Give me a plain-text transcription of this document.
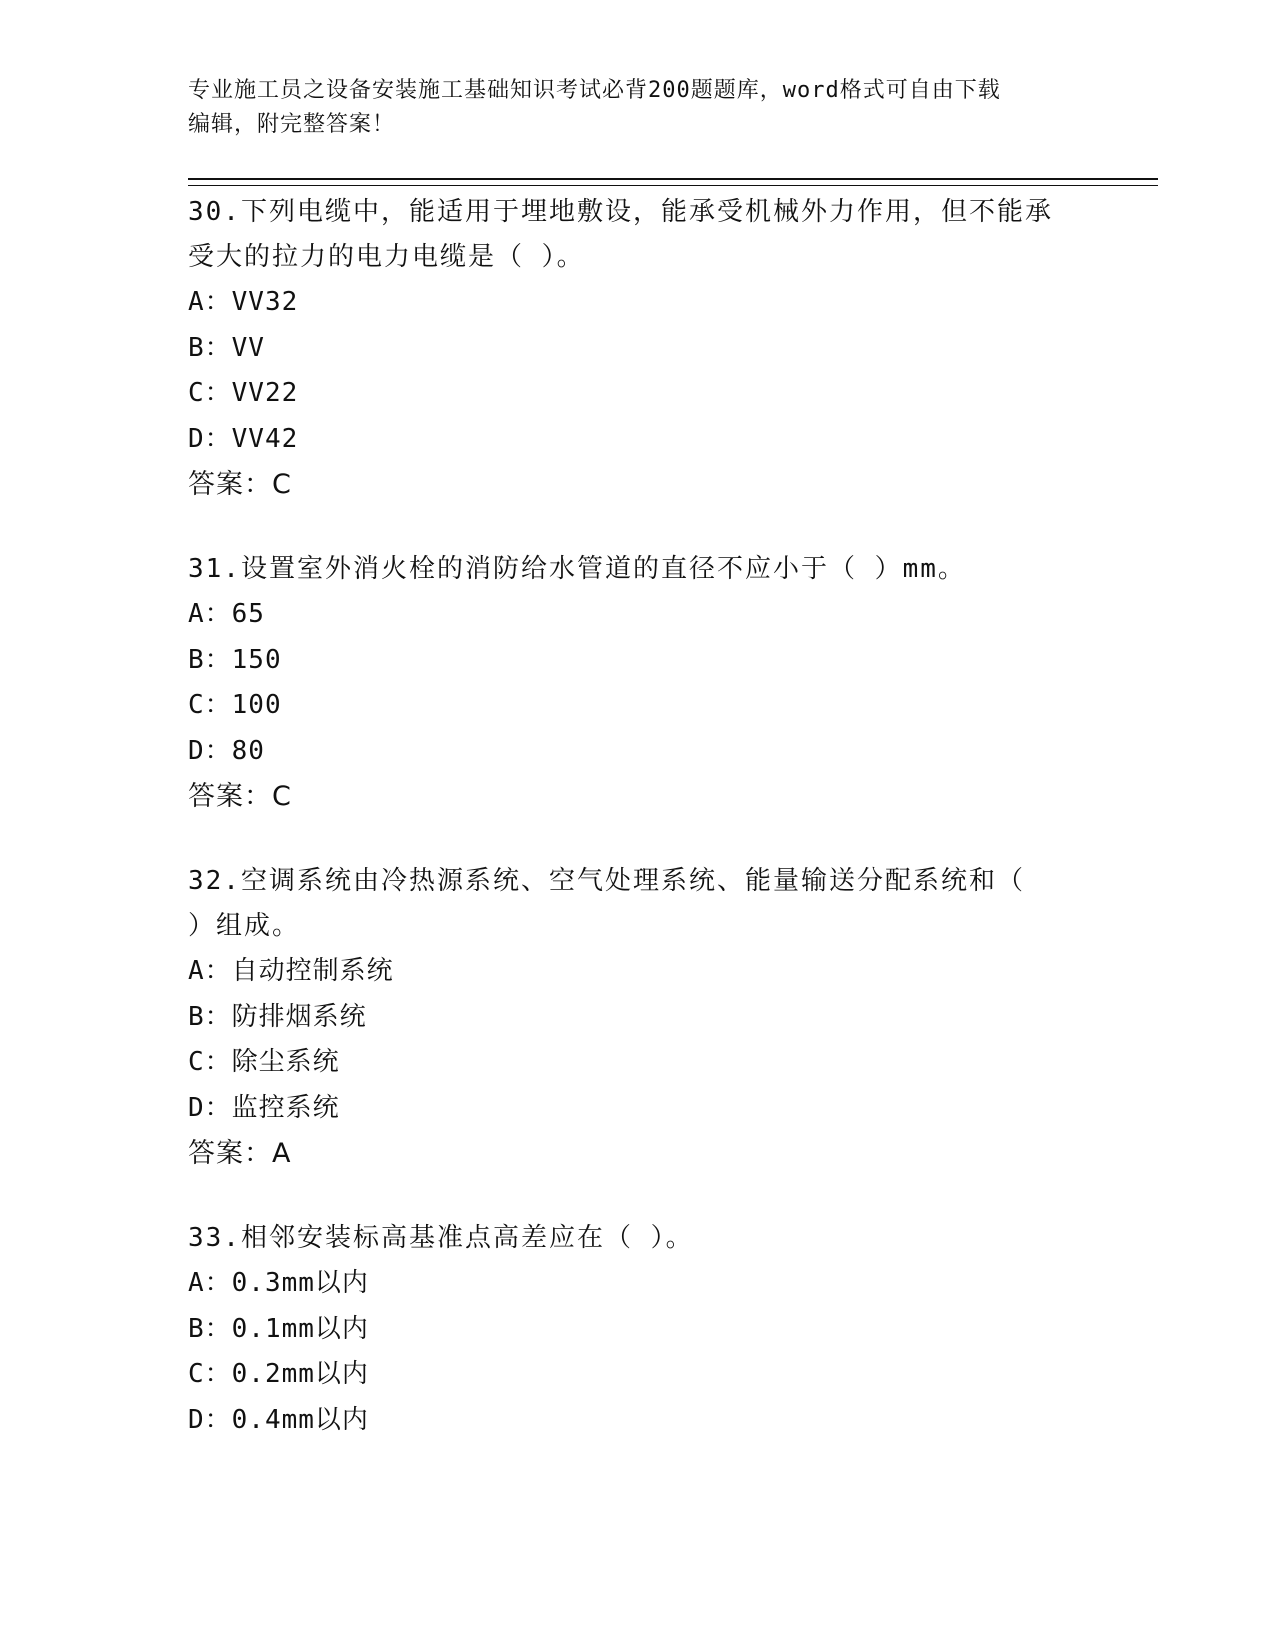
专业施工员之设备安装施工基础知识考试必背200题题库，word格式可自由下载
编辑，附完整答案！

30.下列电缆中，能适用于埋地敷设，能承受机械外力作用，但不能承

受大的拉力的电力电缆是（ ）。

A：VV32

B：VV

C：VV22

D：VV42

答案：C

31.设置室外消火栓的消防给水管道的直径不应小于（ ）mm。

A：65

B：150

C：100

D：80

答案：C

32.空调系统由冷热源系统、空气处理系统、能量输送分配系统和（

）组成。

A：自动控制系统

B：防排烟系统

C：除尘系统

D：监控系统

答案：A

33.相邻安装标高基准点高差应在（ ）。

A：0.3mm以内

B：0.1mm以内

C：0.2mm以内

D：0.4mm以内
